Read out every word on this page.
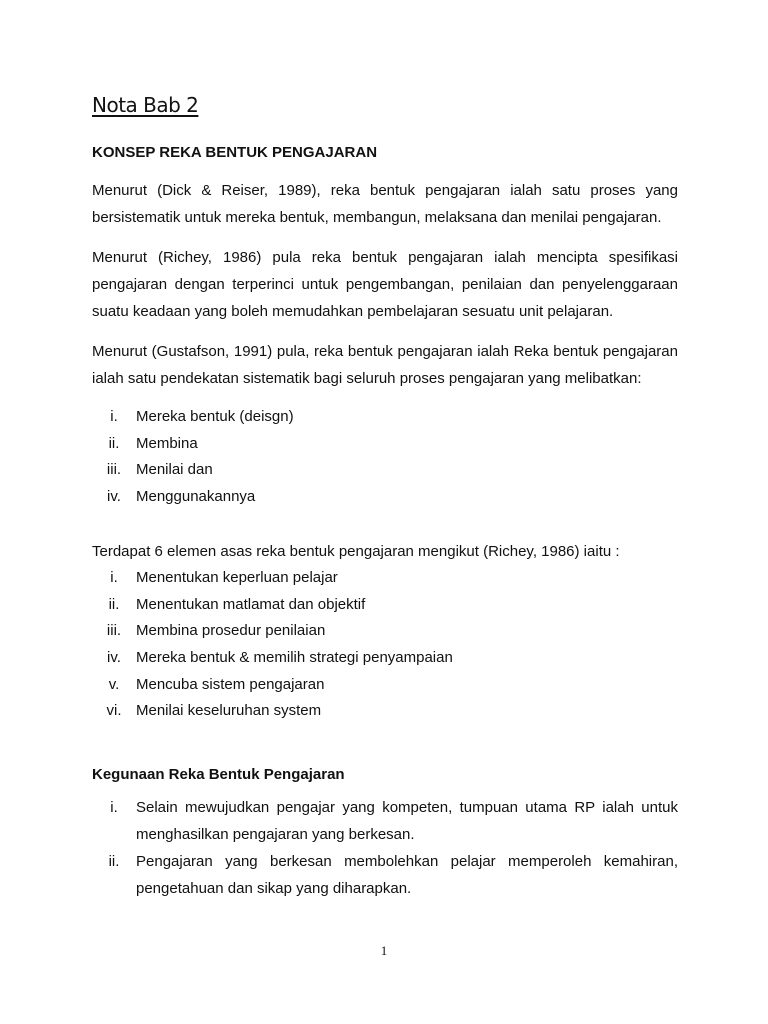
Nota Bab 2
KONSEP REKA BENTUK PENGAJARAN
Menurut (Dick & Reiser, 1989), reka bentuk pengajaran ialah satu proses yang bersistematik untuk mereka bentuk, membangun, melaksana dan menilai pengajaran.
Menurut (Richey, 1986) pula reka bentuk pengajaran ialah mencipta spesifikasi pengajaran dengan terperinci untuk pengembangan, penilaian dan penyelenggaraan suatu keadaan yang boleh memudahkan pembelajaran sesuatu unit pelajaran.
Menurut (Gustafson, 1991) pula, reka bentuk pengajaran ialah Reka bentuk pengajaran ialah satu pendekatan sistematik bagi seluruh proses pengajaran yang melibatkan:
i.	Mereka bentuk (deisgn)
ii.	Membina
iii. Menilai dan
iv.	Menggunakannya
Terdapat 6 elemen asas reka bentuk pengajaran mengikut (Richey, 1986) iaitu :
i.	Menentukan keperluan pelajar
ii.	Menentukan matlamat dan objektif
iii. Membina prosedur penilaian
iv.	Mereka bentuk & memilih strategi penyampaian
v.	Mencuba sistem pengajaran
vi. Menilai keseluruhan system
Kegunaan Reka Bentuk Pengajaran
i.	Selain mewujudkan pengajar yang kompeten, tumpuan utama RP ialah untuk menghasilkan pengajaran yang berkesan.
ii.	Pengajaran yang berkesan membolehkan pelajar memperoleh kemahiran, pengetahuan dan sikap yang diharapkan.
1
